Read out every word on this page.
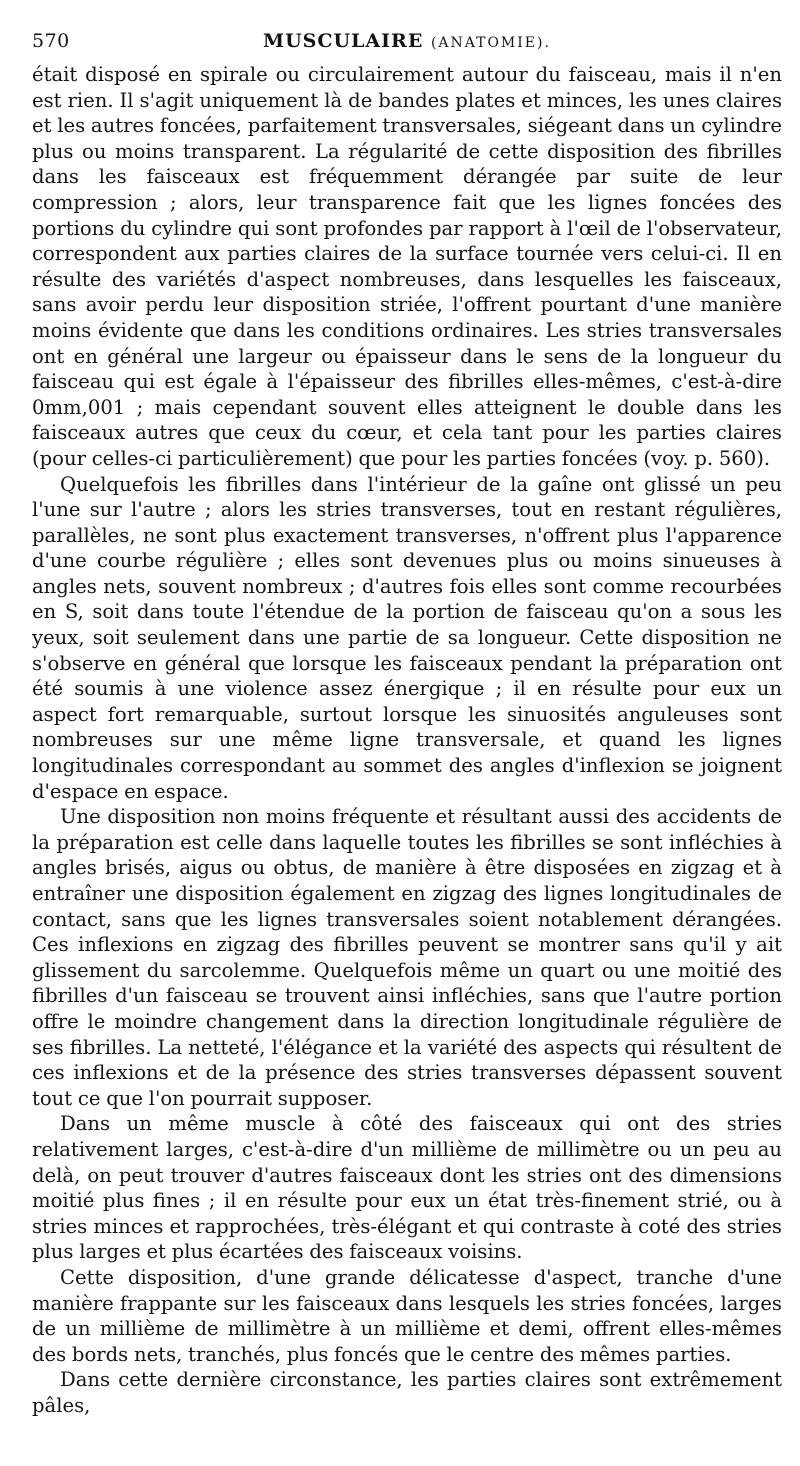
570	MUSCULAIRE (ANATOMIE).

était disposé en spirale ou circulairement autour du faisceau, mais il n'en est rien. Il s'agit uniquement là de bandes plates et minces, les unes claires et les autres foncées, parfaitement transversales, siégeant dans un cylindre plus ou moins transparent. La régularité de cette disposition des fibrilles dans les faisceaux est fréquemment dérangée par suite de leur compression ; alors, leur transparence fait que les lignes foncées des portions du cylindre qui sont profondes par rapport à l'œil de l'observateur, correspondent aux parties claires de la surface tournée vers celui-ci. Il en résulte des variétés d'aspect nombreuses, dans lesquelles les faisceaux, sans avoir perdu leur disposition striée, l'offrent pourtant d'une manière moins évidente que dans les conditions ordinaires. Les stries transversales ont en général une largeur ou épaisseur dans le sens de la longueur du faisceau qui est égale à l'épaisseur des fibrilles elles-mêmes, c'est-à-dire 0mm,001 ; mais cependant souvent elles atteignent le double dans les faisceaux autres que ceux du cœur, et cela tant pour les parties claires (pour celles-ci particulièrement) que pour les parties foncées (voy. p. 560).

Quelquefois les fibrilles dans l'intérieur de la gaîne ont glissé un peu l'une sur l'autre ; alors les stries transverses, tout en restant régulières, parallèles, ne sont plus exactement transverses, n'offrent plus l'apparence d'une courbe régulière ; elles sont devenues plus ou moins sinueuses à angles nets, souvent nombreux ; d'autres fois elles sont comme recourbées en S, soit dans toute l'étendue de la portion de faisceau qu'on a sous les yeux, soit seulement dans une partie de sa longueur. Cette disposition ne s'observe en général que lorsque les faisceaux pendant la préparation ont été soumis à une violence assez énergique ; il en résulte pour eux un aspect fort remarquable, surtout lorsque les sinuosités anguleuses sont nombreuses sur une même ligne transversale, et quand les lignes longitudinales correspondant au sommet des angles d'inflexion se joignent d'espace en espace.

Une disposition non moins fréquente et résultant aussi des accidents de la préparation est celle dans laquelle toutes les fibrilles se sont infléchies à angles brisés, aigus ou obtus, de manière à être disposées en zigzag et à entraîner une disposition également en zigzag des lignes longitudinales de contact, sans que les lignes transversales soient notablement dérangées. Ces inflexions en zigzag des fibrilles peuvent se montrer sans qu'il y ait glissement du sarcolemme. Quelquefois même un quart ou une moitié des fibrilles d'un faisceau se trouvent ainsi infléchies, sans que l'autre portion offre le moindre changement dans la direction longitudinale régulière de ses fibrilles. La netteté, l'élégance et la variété des aspects qui résultent de ces inflexions et de la présence des stries transverses dépassent souvent tout ce que l'on pourrait supposer.

Dans un même muscle à côté des faisceaux qui ont des stries relativement larges, c'est-à-dire d'un millième de millimètre ou un peu au delà, on peut trouver d'autres faisceaux dont les stries ont des dimensions moitié plus fines ; il en résulte pour eux un état très-finement strié, ou à stries minces et rapprochées, très-élégant et qui contraste à coté des stries plus larges et plus écartées des faisceaux voisins.

Cette disposition, d'une grande délicatesse d'aspect, tranche d'une manière frappante sur les faisceaux dans lesquels les stries foncées, larges de un millième de millimètre à un millième et demi, offrent elles-mêmes des bords nets, tranchés, plus foncés que le centre des mêmes parties.

Dans cette dernière circonstance, les parties claires sont extrêmement pâles,
